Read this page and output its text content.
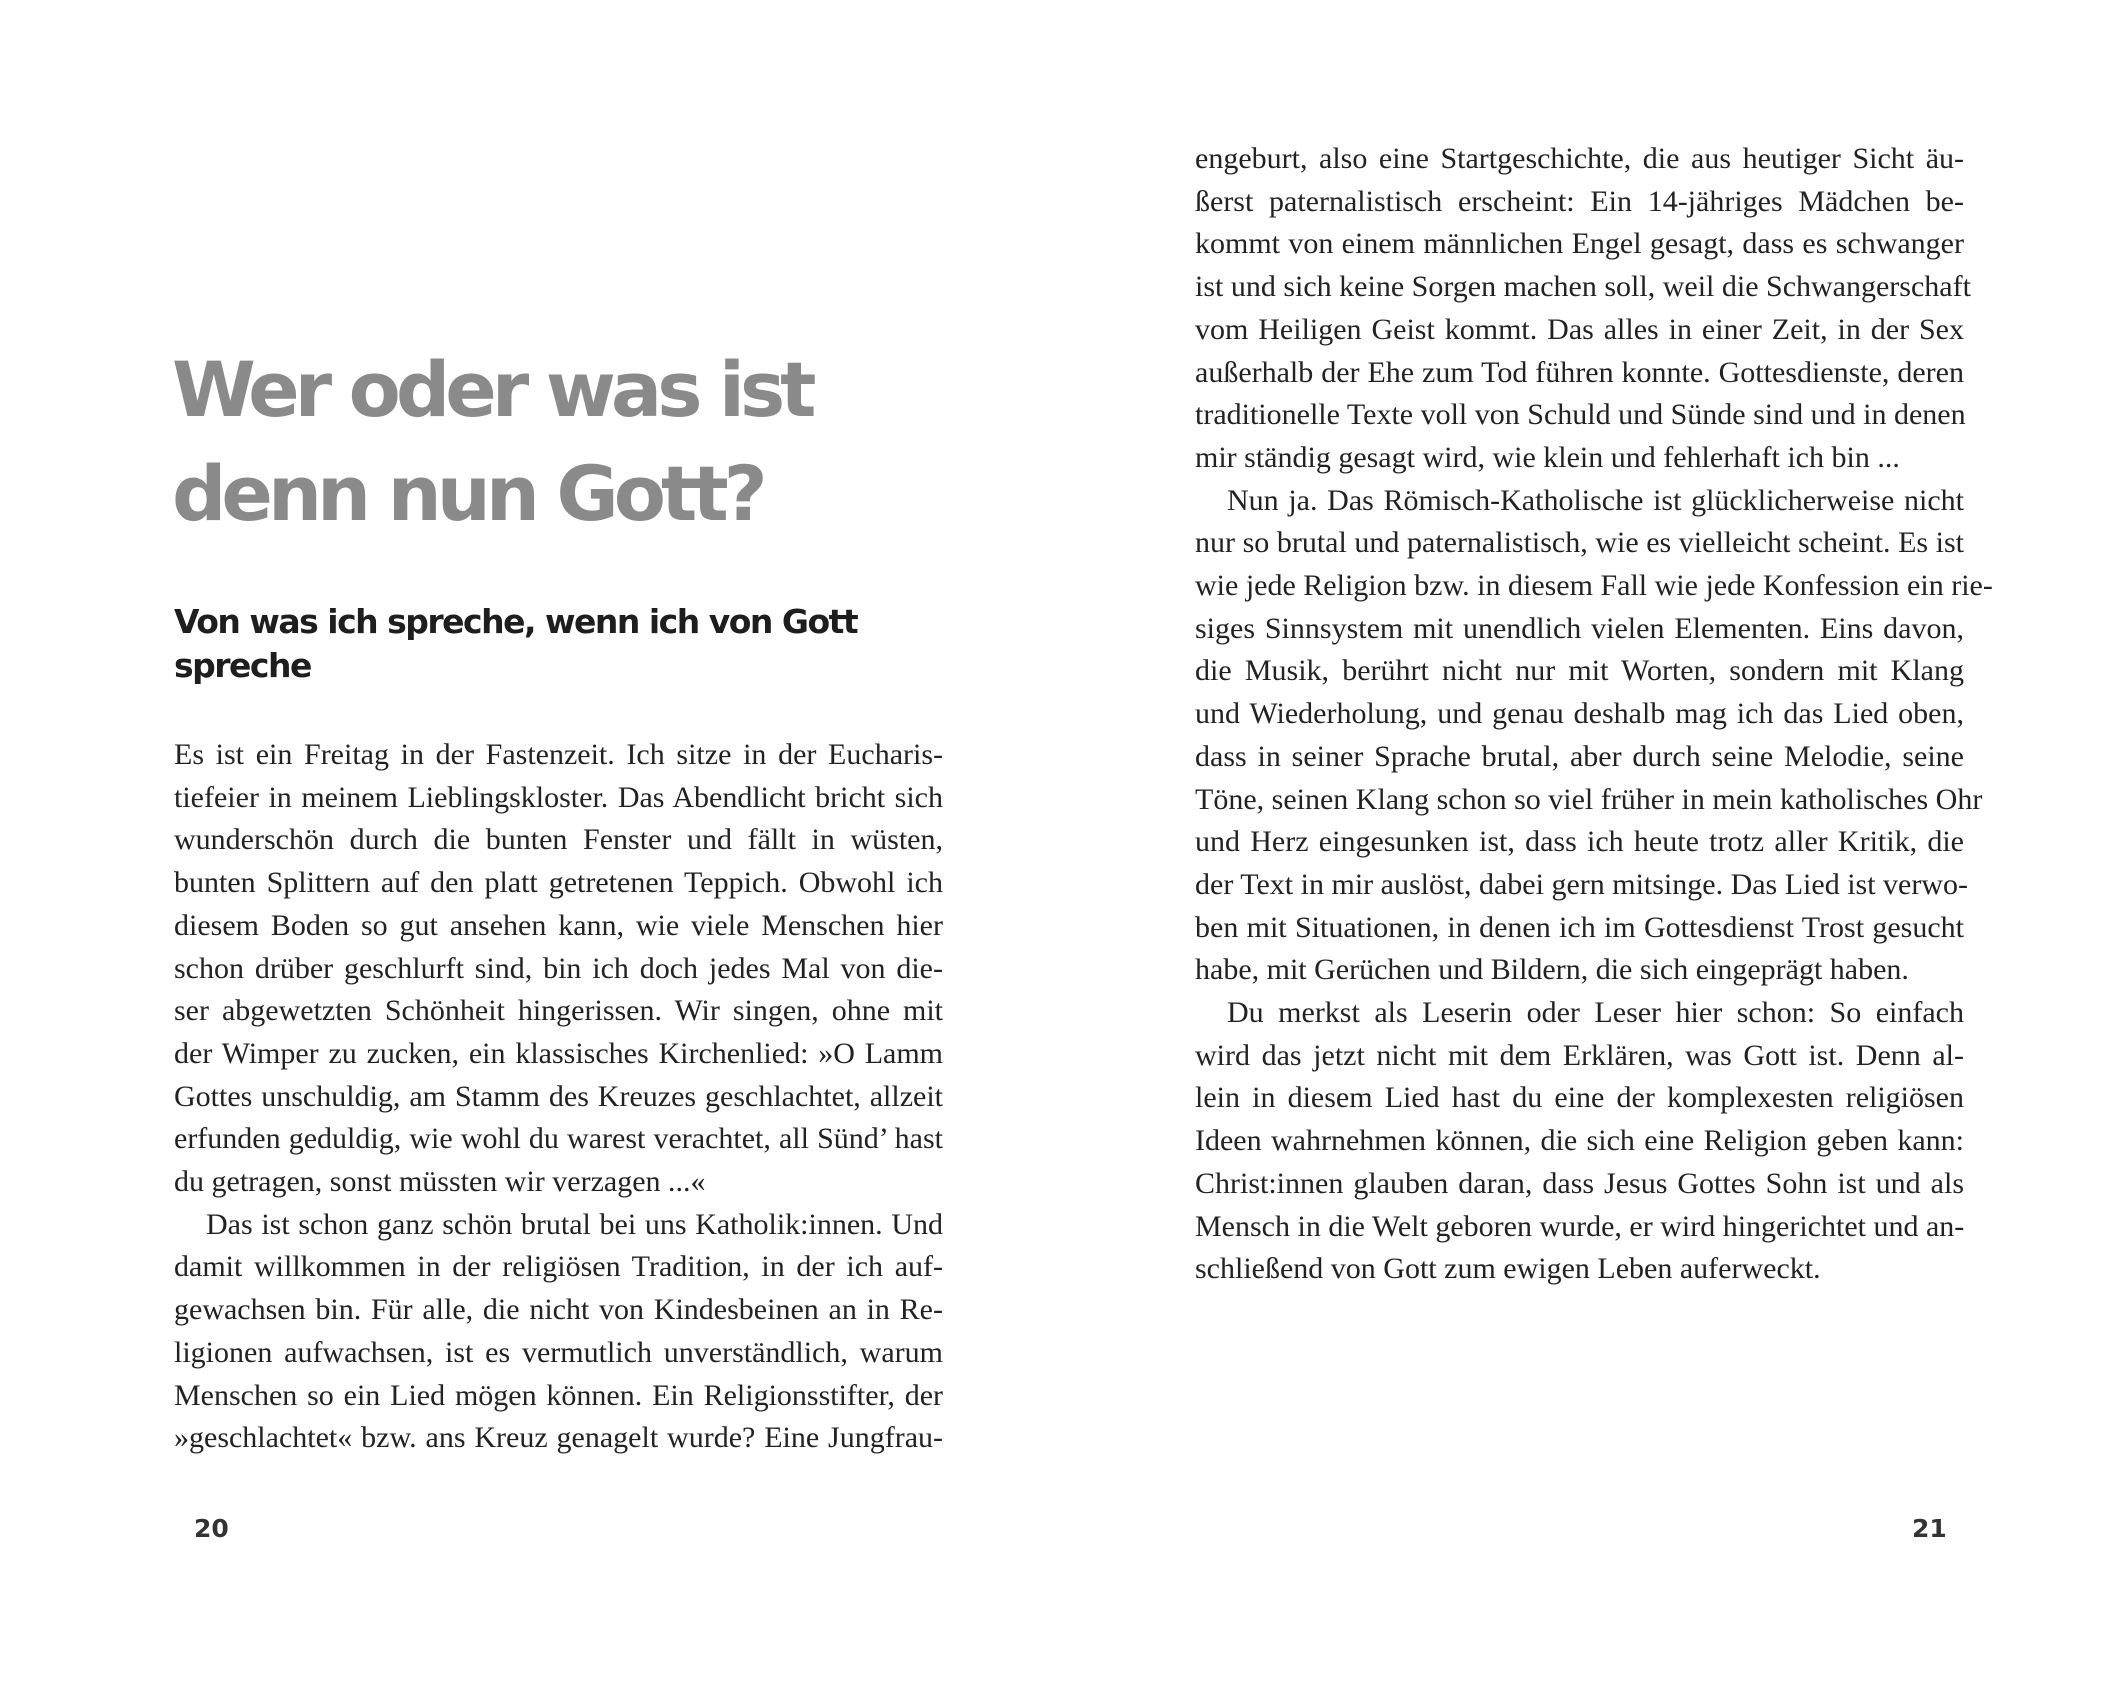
Wer oder was ist
denn nun Gott?
Von was ich spreche, wenn ich von Gott
spreche
Es ist ein Freitag in der Fastenzeit. Ich sitze in der Eucharis-
tiefeier in meinem Lieblingskloster. Das Abendlicht bricht sich
wunderschön durch die bunten Fenster und fällt in wüsten,
bunten Splittern auf den platt getretenen Teppich. Obwohl ich
diesem Boden so gut ansehen kann, wie viele Menschen hier
schon drüber geschlurft sind, bin ich doch jedes Mal von die-
ser abgewetzten Schönheit hingerissen. Wir singen, ohne mit
der Wimper zu zucken, ein klassisches Kirchenlied: »O Lamm
Gottes unschuldig, am Stamm des Kreuzes geschlachtet, allzeit
erfunden geduldig, wie wohl du warest verachtet, all Sünd’ hast
du getragen, sonst müssten wir verzagen ...«
Das ist schon ganz schön brutal bei uns Katholik:innen. Und
damit willkommen in der religiösen Tradition, in der ich auf-
gewachsen bin. Für alle, die nicht von Kindesbeinen an in Re-
ligionen aufwachsen, ist es vermutlich unverständlich, warum
Menschen so ein Lied mögen können. Ein Religionsstifter, der
»geschlachtet« bzw. ans Kreuz genagelt wurde? Eine Jungfrau-
engeburt, also eine Startgeschichte, die aus heutiger Sicht äu-
ßerst paternalistisch erscheint: Ein 14-jähriges Mädchen be-
kommt von einem männlichen Engel gesagt, dass es schwanger
ist und sich keine Sorgen machen soll, weil die Schwangerschaft
vom Heiligen Geist kommt. Das alles in einer Zeit, in der Sex
außerhalb der Ehe zum Tod führen konnte. Gottesdienste, deren
traditionelle Texte voll von Schuld und Sünde sind und in denen
mir ständig gesagt wird, wie klein und fehlerhaft ich bin ...
Nun ja. Das Römisch-Katholische ist glücklicherweise nicht
nur so brutal und paternalistisch, wie es vielleicht scheint. Es ist
wie jede Religion bzw. in diesem Fall wie jede Konfession ein rie-
siges Sinnsystem mit unendlich vielen Elementen. Eins davon,
die Musik, berührt nicht nur mit Worten, sondern mit Klang
und Wiederholung, und genau deshalb mag ich das Lied oben,
dass in seiner Sprache brutal, aber durch seine Melodie, seine
Töne, seinen Klang schon so viel früher in mein katholisches Ohr
und Herz eingesunken ist, dass ich heute trotz aller Kritik, die
der Text in mir auslöst, dabei gern mitsinge. Das Lied ist verwo-
ben mit Situationen, in denen ich im Gottesdienst Trost gesucht
habe, mit Gerüchen und Bildern, die sich eingeprägt haben.
Du merkst als Leserin oder Leser hier schon: So einfach
wird das jetzt nicht mit dem Erklären, was Gott ist. Denn al-
lein in diesem Lied hast du eine der komplexesten religiösen
Ideen wahrnehmen können, die sich eine Religion geben kann:
Christ:innen glauben daran, dass Jesus Gottes Sohn ist und als
Mensch in die Welt geboren wurde, er wird hingerichtet und an-
schließend von Gott zum ewigen Leben auferweckt.
20	21
